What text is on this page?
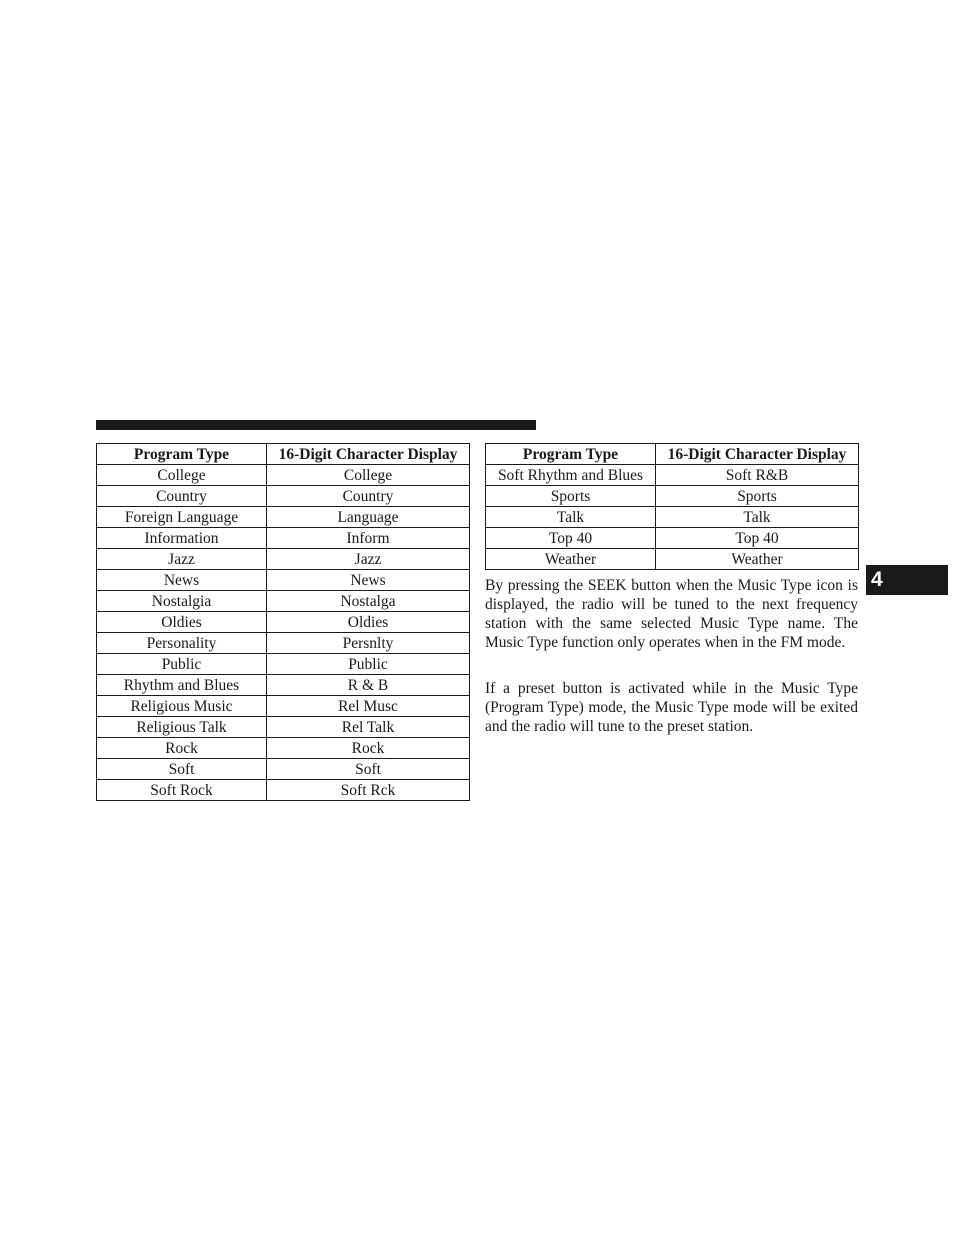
Program Type	16-Digit Character Display
College	College
Country	Country
Foreign Language	Language
Information	Inform
Jazz	Jazz
News	News
Nostalgia	Nostalga
Oldies	Oldies
Personality	Persnlty
Public	Public
Rhythm and Blues	R & B
Religious Music	Rel Musc
Religious Talk	Rel Talk
Rock	Rock
Soft	Soft
Soft Rock	Soft Rck
Program Type	16-Digit Character Display
Soft Rhythm and Blues	Soft R&B
Sports	Sports
Talk	Talk
Top 40	Top 40
Weather	Weather

By pressing the SEEK button when the Music Type icon is displayed, the radio will be tuned to the next frequency station with the same selected Music Type name. The Music Type function only operates when in the FM mode.

If a preset button is activated while in the Music Type (Program Type) mode, the Music Type mode will be exited and the radio will tune to the preset station.

4
